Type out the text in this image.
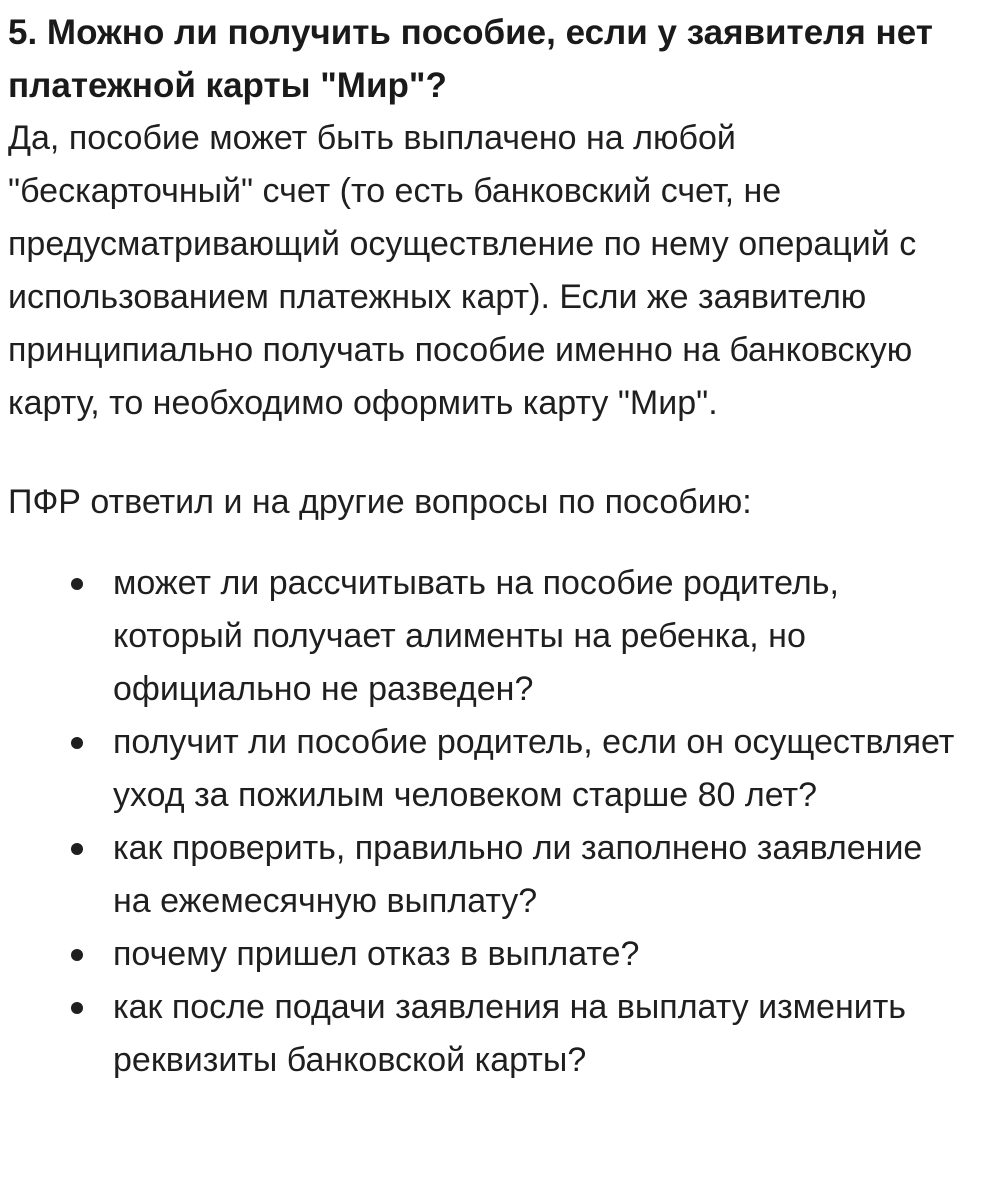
5. Можно ли получить пособие, если у заявителя нет платежной карты "Мир"?

Да, пособие может быть выплачено на любой "бескарточный" счет (то есть банковский счет, не предусматривающий осуществление по нему операций с использованием платежных карт). Если же заявителю принципиально получать пособие именно на банковскую карту, то необходимо оформить карту "Мир".

ПФР ответил и на другие вопросы по пособию:

может ли рассчитывать на пособие родитель, который получает алименты на ребенка, но официально не разведен?
получит ли пособие родитель, если он осуществляет уход за пожилым человеком старше 80 лет?
как проверить, правильно ли заполнено заявление на ежемесячную выплату?
почему пришел отказ в выплате?
как после подачи заявления на выплату изменить реквизиты банковской карты?
